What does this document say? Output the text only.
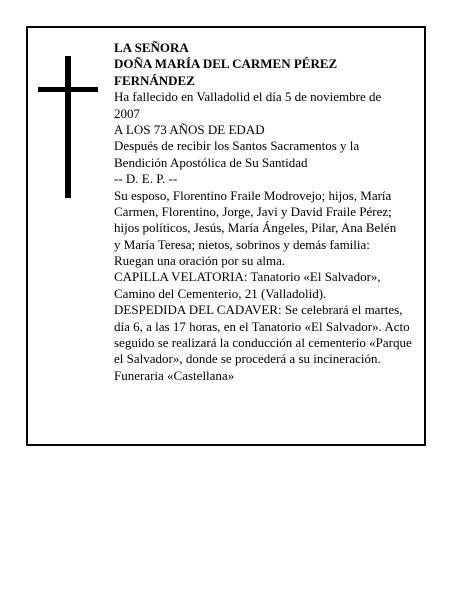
LA SEÑORA
DOÑA MARÍA DEL CARMEN PÉREZ
FERNÁNDEZ
Ha fallecido en Valladolid el día 5 de noviembre de
2007
A LOS 73 AÑOS DE EDAD
Después de recibir los Santos Sacramentos y la
Bendición Apostólica de Su Santidad
-- D. E. P. --
Su esposo, Florentino Fraile Modrovejo; hijos, María
Carmen, Florentino, Jorge, Javi y David Fraile Pérez;
hijos políticos, Jesús, María Ángeles, Pilar, Ana Belén
y María Teresa; nietos, sobrinos y demás familia:
Ruegan una oración por su alma.
CAPILLA VELATORIA: Tanatorio «El Salvador»,
Camino del Cementerio, 21 (Valladolid).
DESPEDIDA DEL CADAVER: Se celebrará el martes,
día 6, a las 17 horas, en el Tanatorio «El Salvador». Acto
seguido se realizará la conducción al cementerio «Parque
el Salvador», donde se procederá a su incineración.
Funeraria «Castellana»
